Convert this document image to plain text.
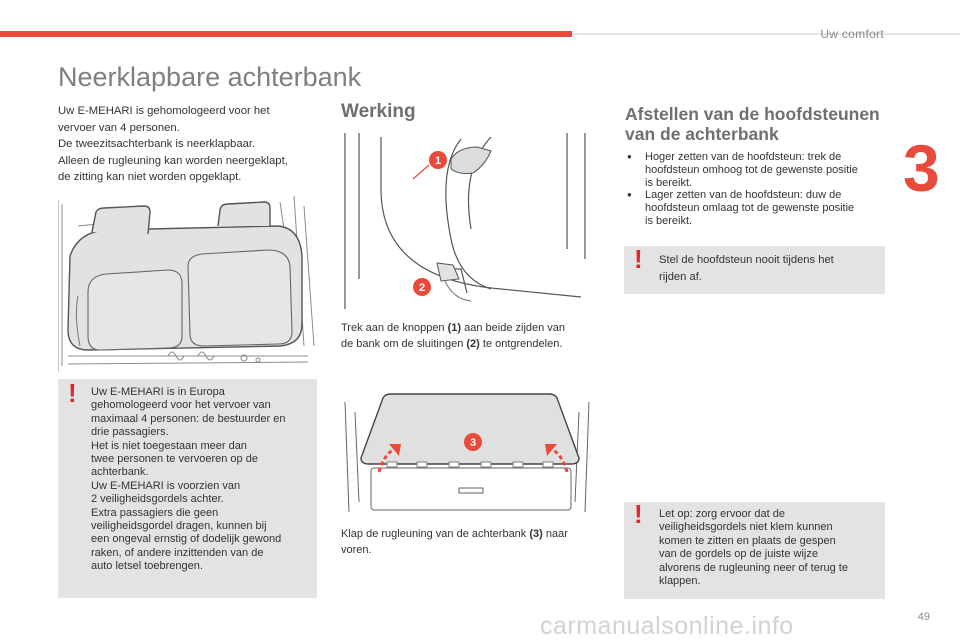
Uw comfort
3
Neerklapbare achterbank
Uw E-MEHARI is gehomologeerd voor het
vervoer van 4 personen.
De tweezitsachterbank is neerklapbaar.
Alleen de rugleuning kan worden neergeklapt,
de zitting kan niet worden opgeklapt.
! Uw E-MEHARI is in Europa
gehomologeerd voor het vervoer van
maximaal 4 personen: de bestuurder en
drie passagiers.
Het is niet toegestaan meer dan
twee personen te vervoeren op de
achterbank.
Uw E-MEHARI is voorzien van
2 veiligheidsgordels achter.
Extra passagiers die geen
veiligheidsgordel dragen, kunnen bij
een ongeval ernstig of dodelijk gewond
raken, of andere inzittenden van de
auto letsel toebrengen.
Werking
1
2
Trek aan de knoppen (1) aan beide zijden van
de bank om de sluitingen (2) te ontgrendelen.
3
Klap de rugleuning van de achterbank (3) naar
voren.
Afstellen van de hoofdsteunen
van de achterbank
● Hoger zetten van de hoofdsteun: trek de
hoofdsteun omhoog tot de gewenste positie
is bereikt.
● Lager zetten van de hoofdsteun: duw de
hoofdsteun omlaag tot de gewenste positie
is bereikt.
! Stel de hoofdsteun nooit tijdens het
rijden af.
! Let op: zorg ervoor dat de
veiligheidsgordels niet klem kunnen
komen te zitten en plaats de gespen
van de gordels op de juiste wijze
alvorens de rugleuning neer of terug te
klappen.
carmanualsonline.info	49
